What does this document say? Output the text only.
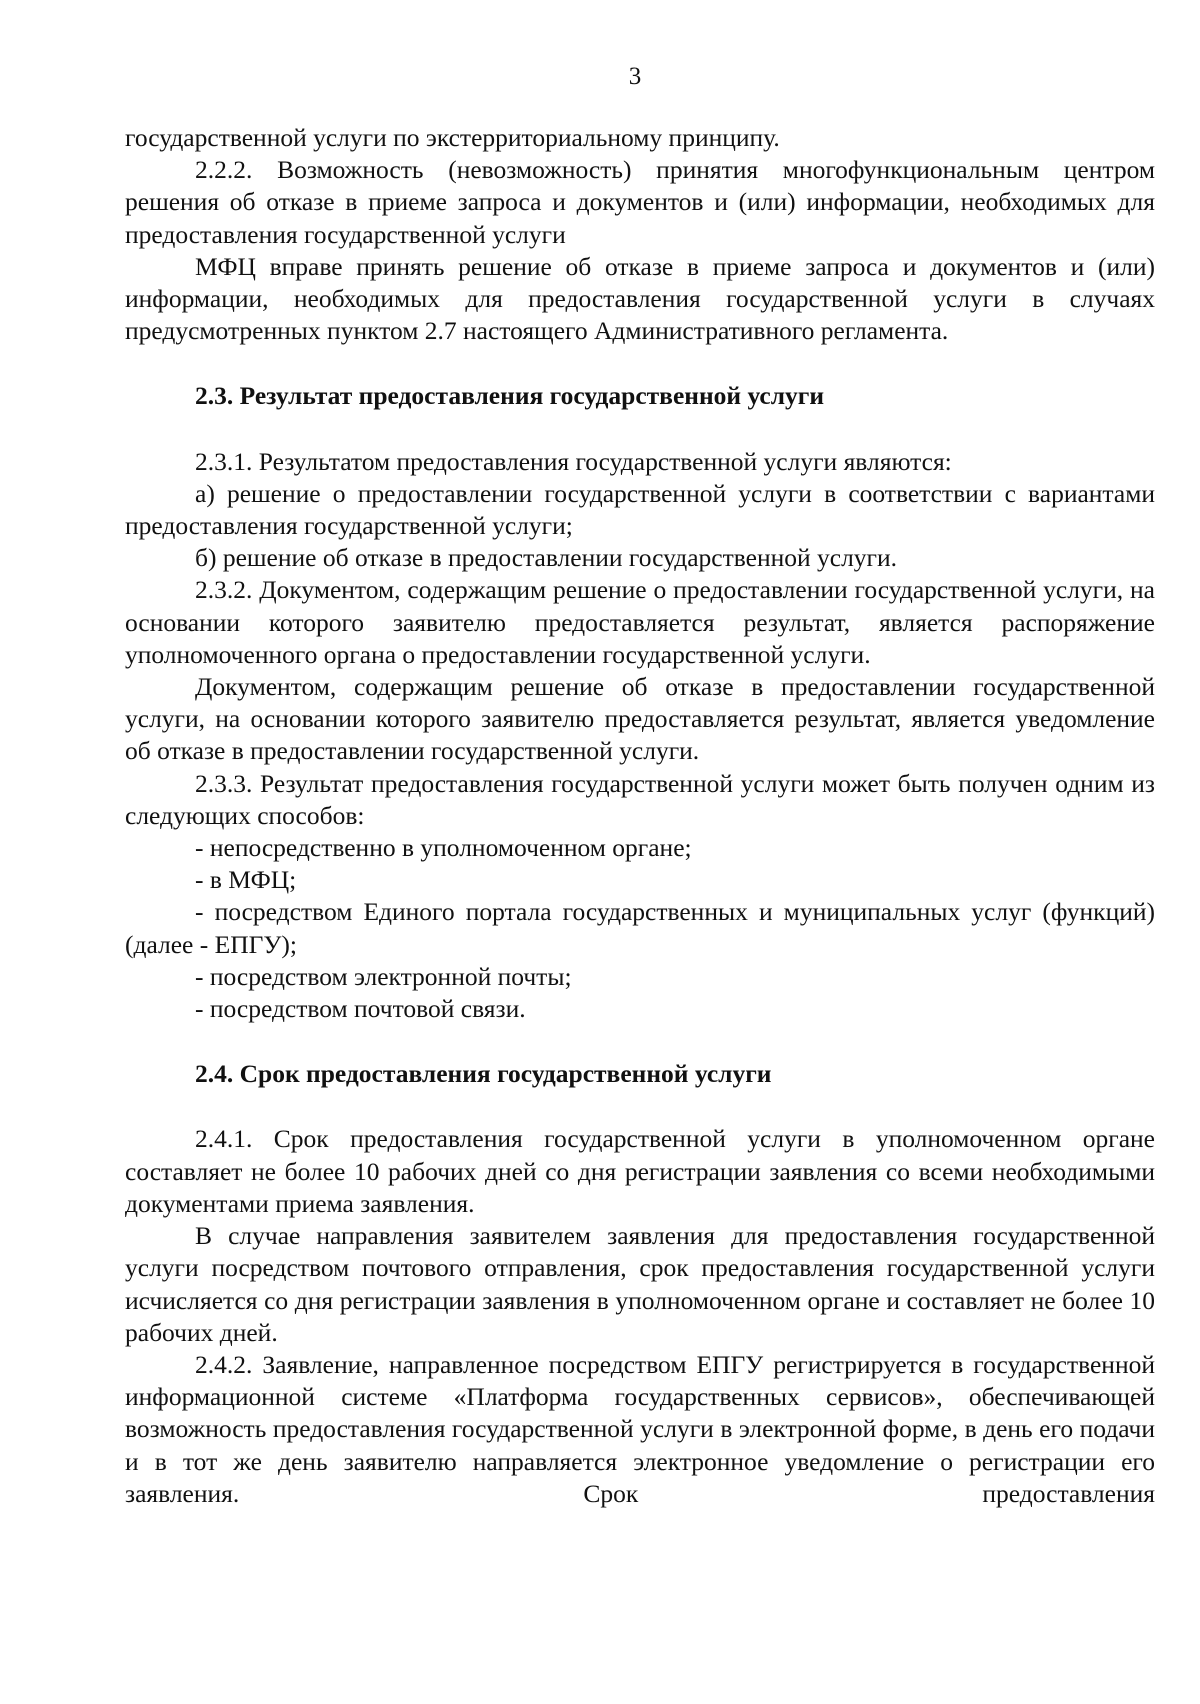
3

государственной услуги по экстерриториальному принципу.

2.2.2. Возможность (невозможность) принятия многофункциональным центром решения об отказе в приеме запроса и документов и (или) информации, необходимых для предоставления государственной услуги

МФЦ вправе принять решение об отказе в приеме запроса и документов и (или) информации, необходимых для предоставления государственной услуги в случаях предусмотренных пунктом 2.7 настоящего Административного регламента.

2.3. Результат предоставления государственной услуги

2.3.1. Результатом предоставления государственной услуги являются:

а) решение о предоставлении государственной услуги в соответствии с вариантами предоставления государственной услуги;

б) решение об отказе в предоставлении государственной услуги.

2.3.2. Документом, содержащим решение о предоставлении государственной услуги, на основании которого заявителю предоставляется результат, является распоряжение уполномоченного органа о предоставлении государственной услуги.

Документом, содержащим решение об отказе в предоставлении государственной услуги, на основании которого заявителю предоставляется результат, является уведомление об отказе в предоставлении государственной услуги.

2.3.3. Результат предоставления государственной услуги может быть получен одним из следующих способов:

- непосредственно в уполномоченном органе;

- в МФЦ;

- посредством Единого портала государственных и муниципальных услуг (функций) (далее - ЕПГУ);

- посредством электронной почты;

- посредством почтовой связи.

2.4. Срок предоставления государственной услуги

2.4.1. Срок предоставления государственной услуги в уполномоченном органе составляет не более 10 рабочих дней со дня регистрации заявления со всеми необходимыми документами приема заявления.

В случае направления заявителем заявления для предоставления государственной услуги посредством почтового отправления, срок предоставления государственной услуги исчисляется со дня регистрации заявления в уполномоченном органе и составляет не более 10 рабочих дней.

2.4.2. Заявление, направленное посредством ЕПГУ регистрируется в государственной информационной системе «Платформа государственных сервисов», обеспечивающей возможность предоставления государственной услуги в электронной форме, в день его подачи и в тот же день заявителю направляется электронное уведомление о регистрации его заявления. Срок предоставления
